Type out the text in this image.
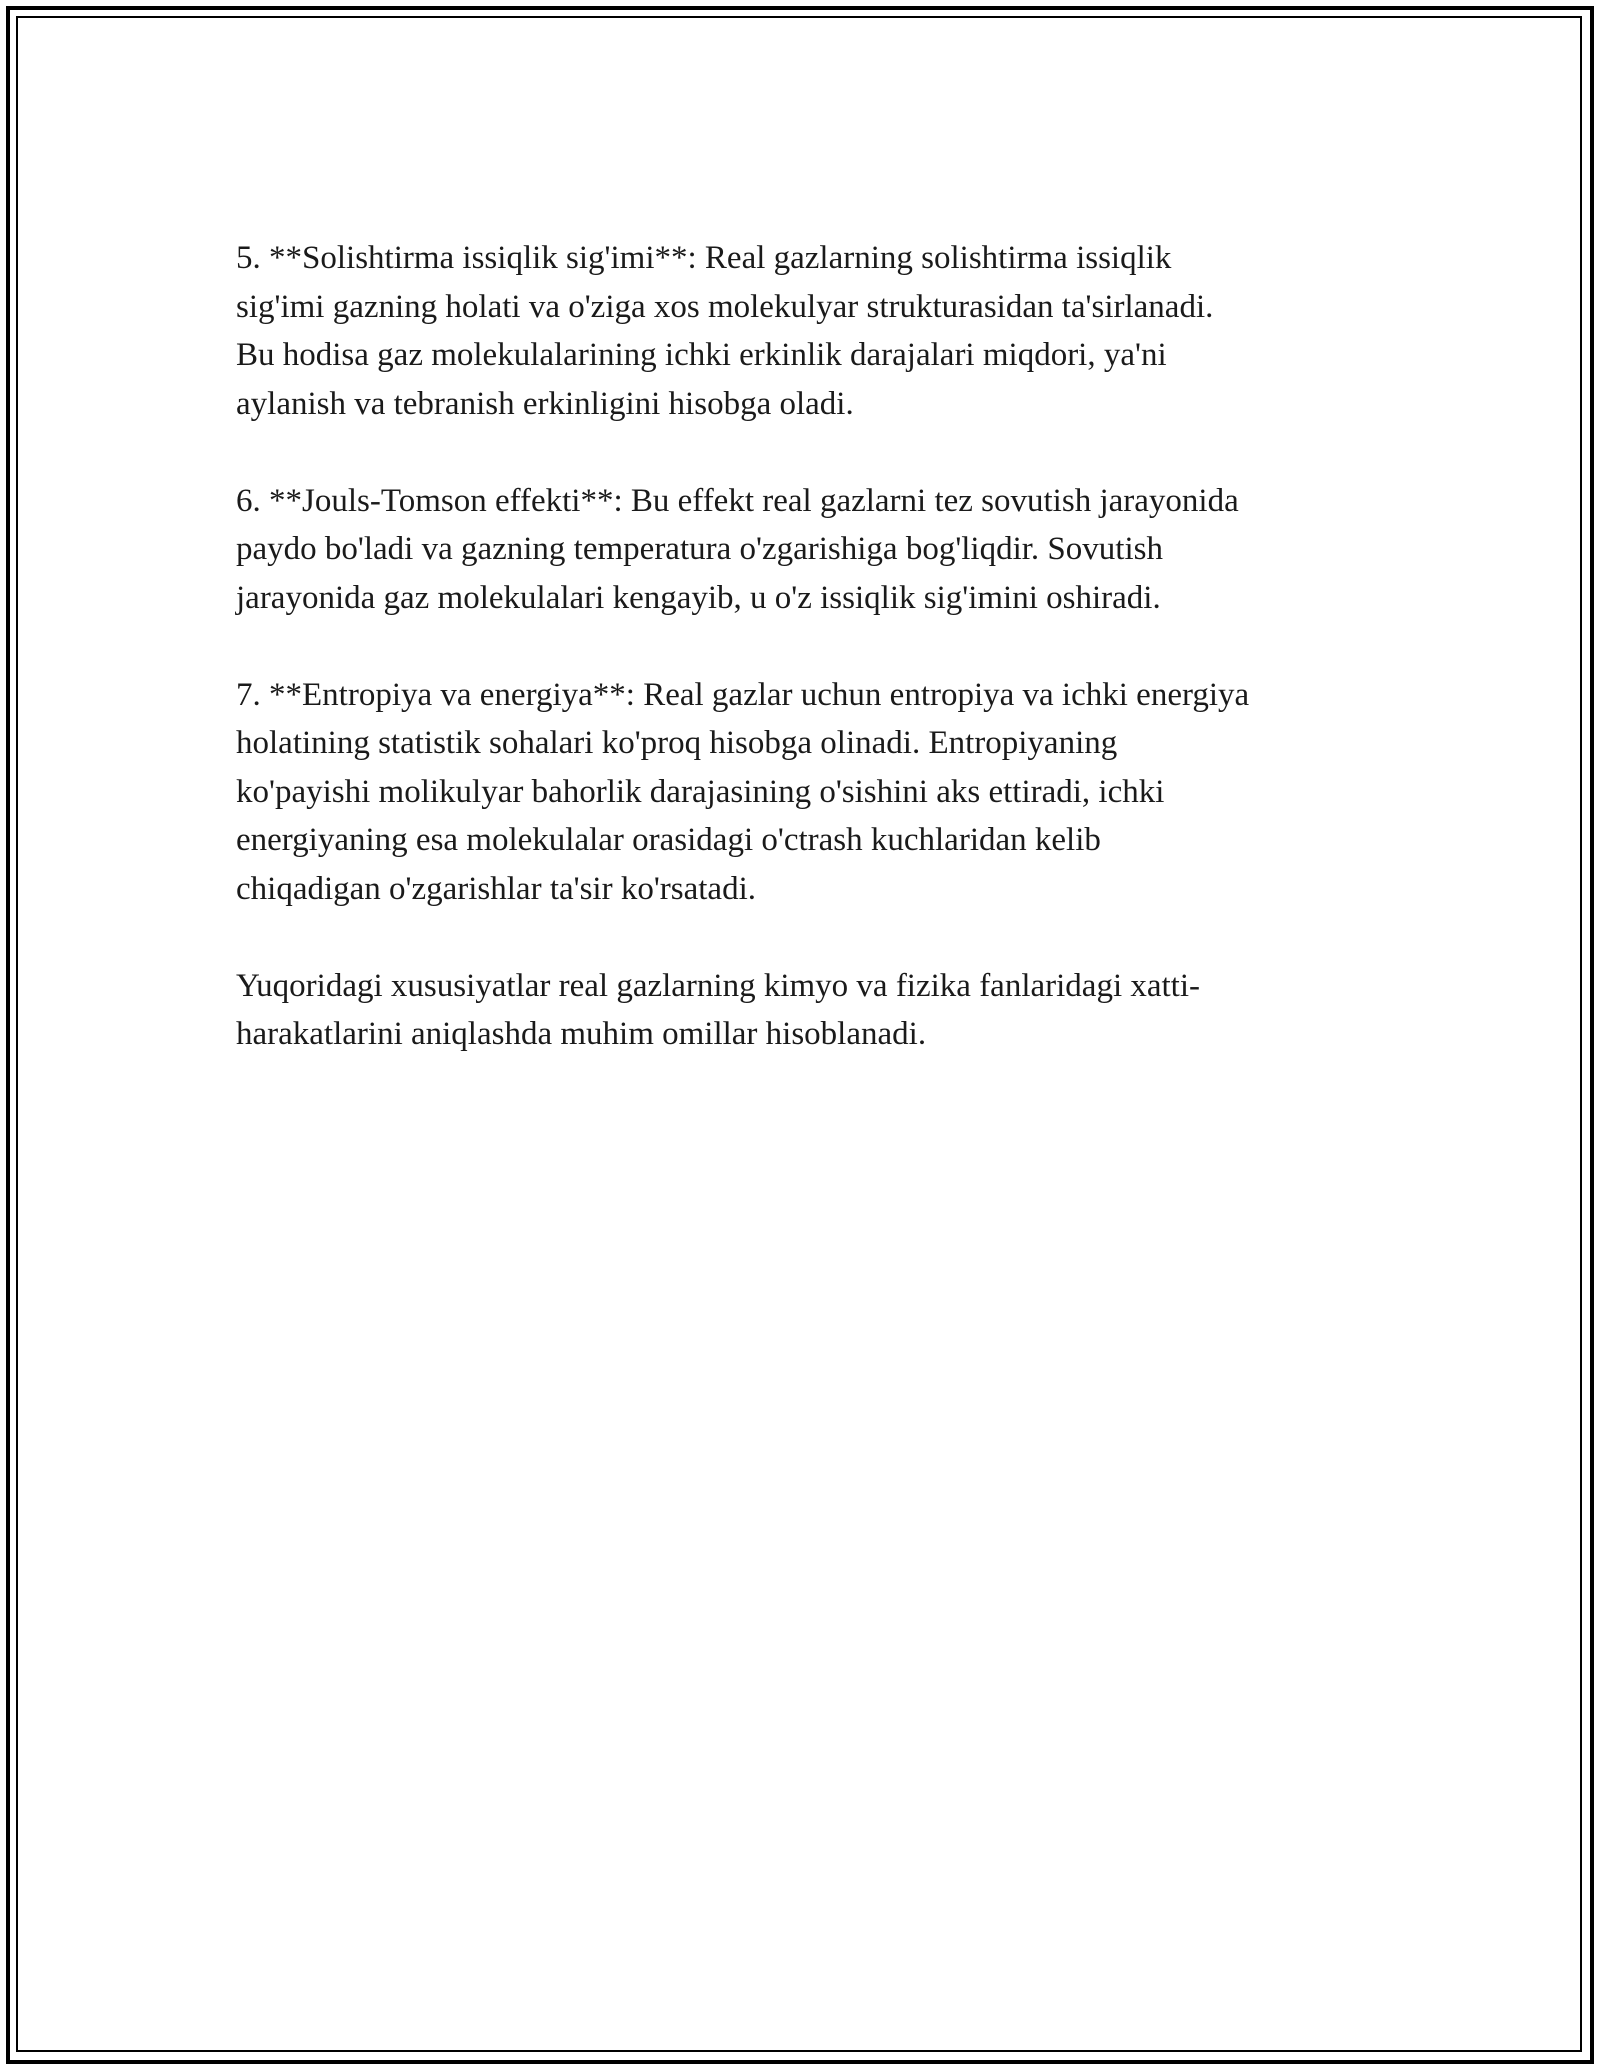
5. **Solishtirma issiqlik sig'imi**: Real gazlarning solishtirma issiqlik
sig'imi gazning holati va o'ziga xos molekulyar strukturasidan ta'sirlanadi.
Bu hodisa gaz molekulalarining ichki erkinlik darajalari miqdori, ya'ni
aylanish va tebranish erkinligini hisobga oladi.

6. **Jouls-Tomson effekti**: Bu effekt real gazlarni tez sovutish jarayonida
paydo bo'ladi va gazning temperatura o'zgarishiga bog'liqdir. Sovutish
jarayonida gaz molekulalari kengayib, u o'z issiqlik sig'imini oshiradi.

7. **Entropiya va energiya**: Real gazlar uchun entropiya va ichki energiya
holatining statistik sohalari ko'proq hisobga olinadi. Entropiyaning
ko'payishi molikulyar bahorlik darajasining o'sishini aks ettiradi, ichki
energiyaning esa molekulalar orasidagi o'ctrash kuchlaridan kelib
chiqadigan o'zgarishlar ta'sir ko'rsatadi.

Yuqoridagi xususiyatlar real gazlarning kimyo va fizika fanlaridagi xatti-
harakatlarini aniqlashda muhim omillar hisoblanadi.
